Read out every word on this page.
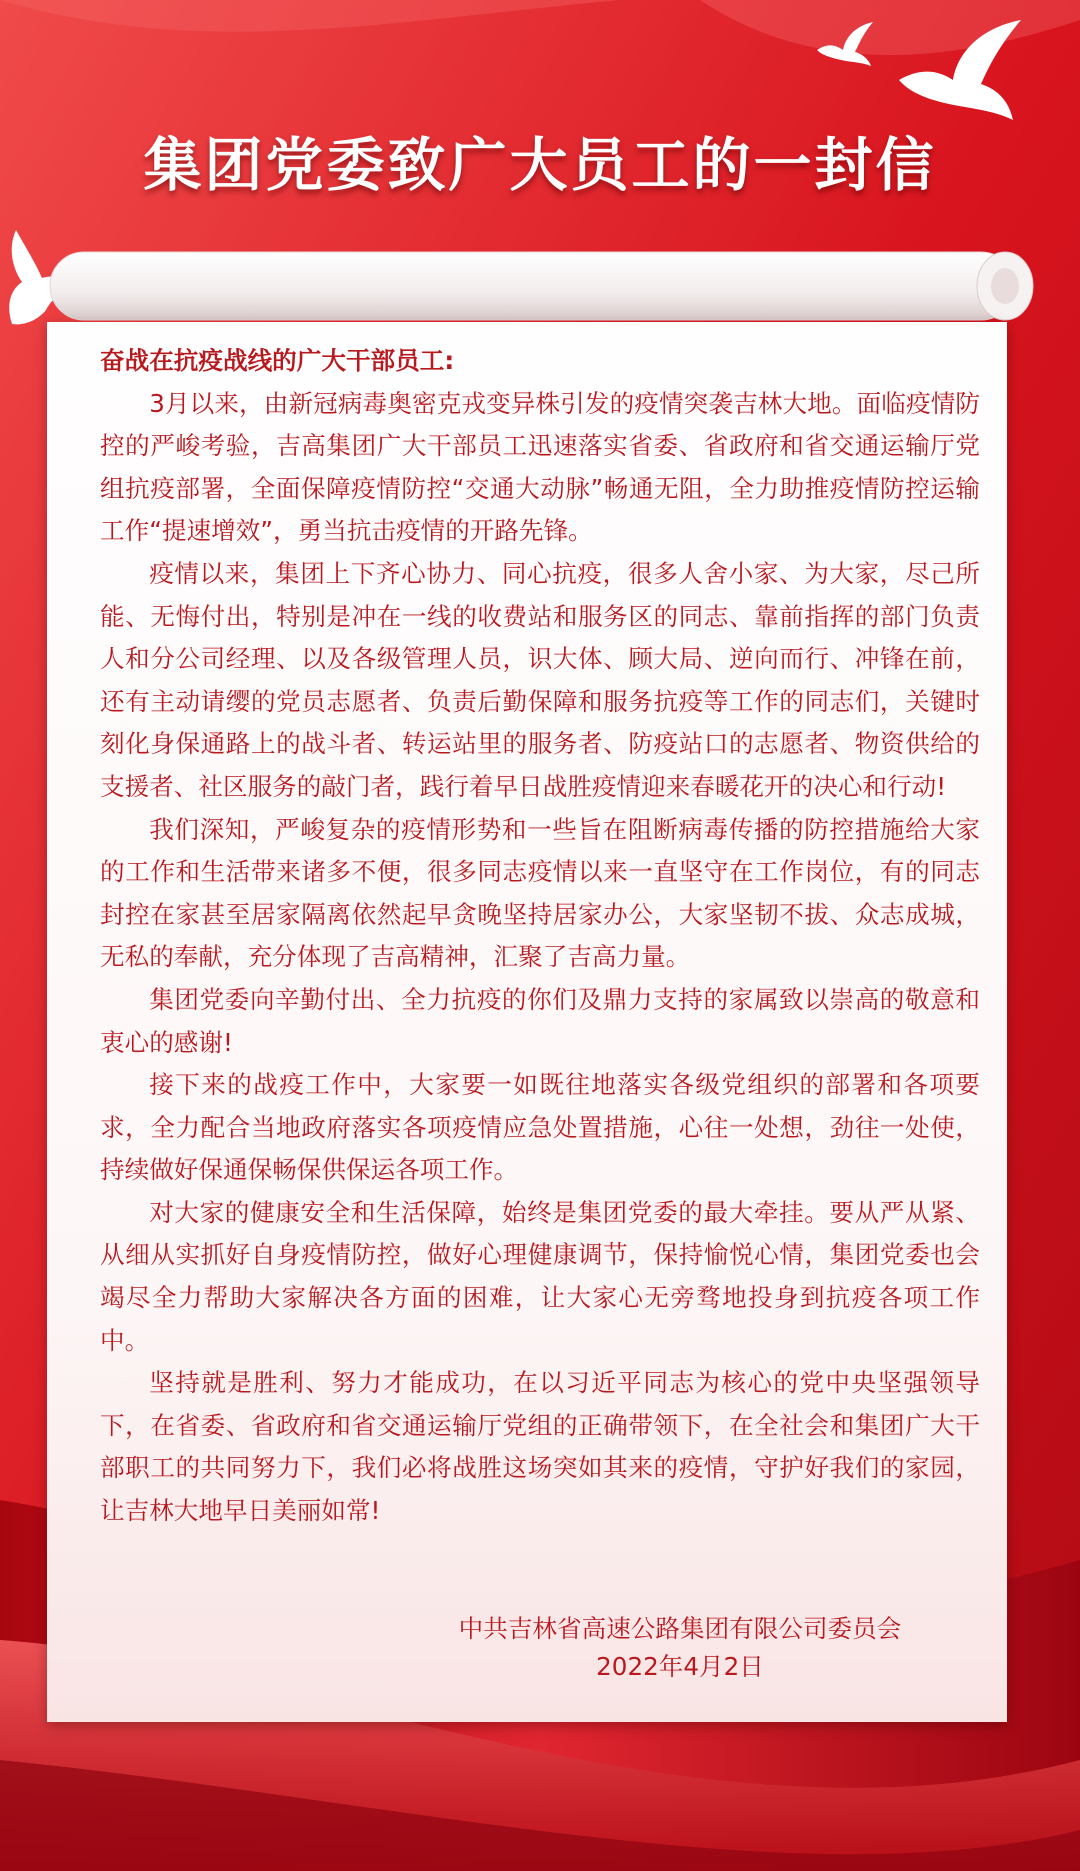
集团党委致广大员工的一封信

奋战在抗疫战线的广大干部员工:

3月以来，由新冠病毒奥密克戎变异株引发的疫情突袭吉林大地。面临疫情防控的严峻考验，吉高集团广大干部员工迅速落实省委、省政府和省交通运输厅党组抗疫部署，全面保障疫情防控“交通大动脉”畅通无阻，全力助推疫情防控运输工作“提速增效”，勇当抗击疫情的开路先锋。

疫情以来，集团上下齐心协力、同心抗疫，很多人舍小家、为大家，尽己所能、无悔付出，特别是冲在一线的收费站和服务区的同志、靠前指挥的部门负责人和分公司经理、以及各级管理人员，识大体、顾大局、逆向而行、冲锋在前，还有主动请缨的党员志愿者、负责后勤保障和服务抗疫等工作的同志们，关键时刻化身保通路上的战斗者、转运站里的服务者、防疫站口的志愿者、物资供给的支援者、社区服务的敲门者，践行着早日战胜疫情迎来春暖花开的决心和行动!

我们深知，严峻复杂的疫情形势和一些旨在阻断病毒传播的防控措施给大家的工作和生活带来诸多不便，很多同志疫情以来一直坚守在工作岗位，有的同志封控在家甚至居家隔离依然起早贪晚坚持居家办公，大家坚韧不拔、众志成城，无私的奉献，充分体现了吉高精神，汇聚了吉高力量。

集团党委向辛勤付出、全力抗疫的你们及鼎力支持的家属致以崇高的敬意和衷心的感谢!

接下来的战疫工作中，大家要一如既往地落实各级党组织的部署和各项要求，全力配合当地政府落实各项疫情应急处置措施，心往一处想，劲往一处使，持续做好保通保畅保供保运各项工作。

对大家的健康安全和生活保障，始终是集团党委的最大牵挂。要从严从紧、从细从实抓好自身疫情防控，做好心理健康调节，保持愉悦心情，集团党委也会竭尽全力帮助大家解决各方面的困难，让大家心无旁骛地投身到抗疫各项工作中。

坚持就是胜利、努力才能成功，在以习近平同志为核心的党中央坚强领导下，在省委、省政府和省交通运输厅党组的正确带领下，在全社会和集团广大干部职工的共同努力下，我们必将战胜这场突如其来的疫情，守护好我们的家园，让吉林大地早日美丽如常!

中共吉林省高速公路集团有限公司委员会
2022年4月2日
